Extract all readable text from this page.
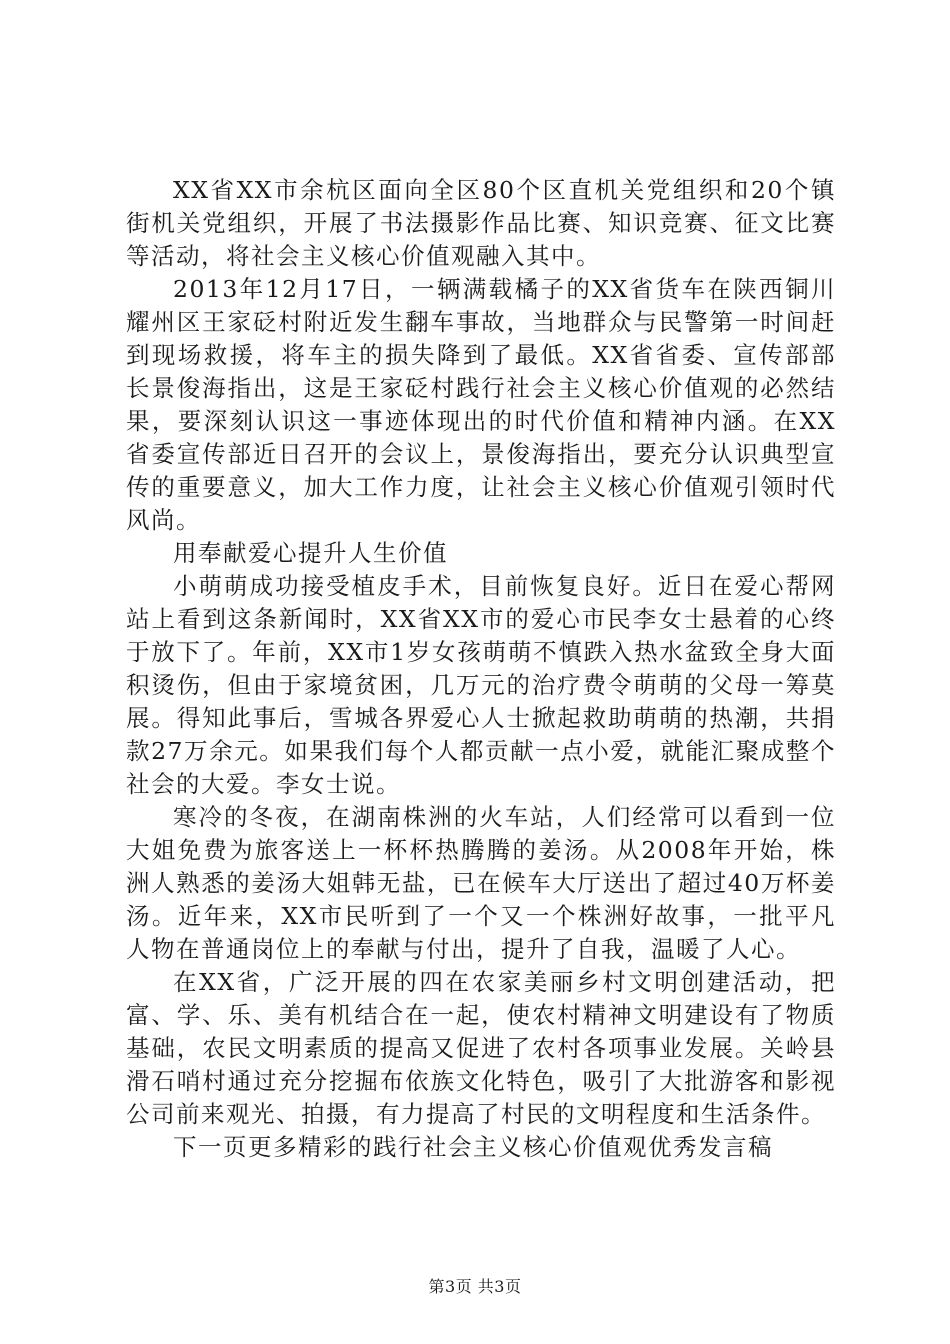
XX省XX市余杭区面向全区80个区直机关党组织和20个镇街机关党组织，开展了书法摄影作品比赛、知识竞赛、征文比赛等活动，将社会主义核心价值观融入其中。

2013年12月17日，一辆满载橘子的XX省货车在陕西铜川耀州区王家砭村附近发生翻车事故，当地群众与民警第一时间赶到现场救援，将车主的损失降到了最低。XX省省委、宣传部部长景俊海指出，这是王家砭村践行社会主义核心价值观的必然结果，要深刻认识这一事迹体现出的时代价值和精神内涵。在XX省委宣传部近日召开的会议上，景俊海指出，要充分认识典型宣传的重要意义，加大工作力度，让社会主义核心价值观引领时代风尚。

用奉献爱心提升人生价值

小萌萌成功接受植皮手术，目前恢复良好。近日在爱心帮网站上看到这条新闻时，XX省XX市的爱心市民李女士悬着的心终于放下了。年前，XX市1岁女孩萌萌不慎跌入热水盆致全身大面积烫伤，但由于家境贫困，几万元的治疗费令萌萌的父母一筹莫展。得知此事后，雪城各界爱心人士掀起救助萌萌的热潮，共捐款27万余元。如果我们每个人都贡献一点小爱，就能汇聚成整个社会的大爱。李女士说。

寒冷的冬夜，在湖南株洲的火车站，人们经常可以看到一位大姐免费为旅客送上一杯杯热腾腾的姜汤。从2008年开始，株洲人熟悉的姜汤大姐韩无盐，已在候车大厅送出了超过40万杯姜汤。近年来，XX市民听到了一个又一个株洲好故事，一批平凡人物在普通岗位上的奉献与付出，提升了自我，温暖了人心。

在XX省，广泛开展的四在农家美丽乡村文明创建活动，把富、学、乐、美有机结合在一起，使农村精神文明建设有了物质基础，农民文明素质的提高又促进了农村各项事业发展。关岭县滑石哨村通过充分挖掘布依族文化特色，吸引了大批游客和影视公司前来观光、拍摄，有力提高了村民的文明程度和生活条件。

下一页更多精彩的践行社会主义核心价值观优秀发言稿

第3页 共3页
